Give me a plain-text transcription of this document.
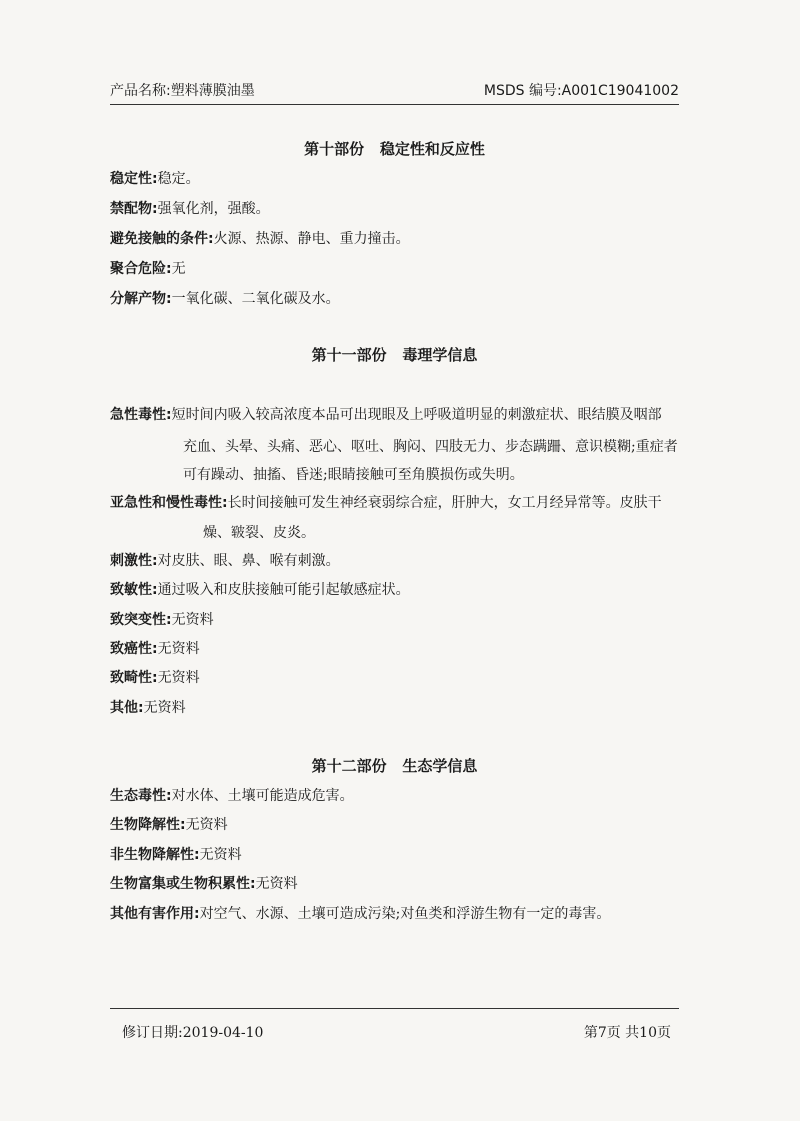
产品名称:塑料薄膜油墨	MSDS 编号:A001C19041002
第十部份   稳定性和反应性
稳定性:稳定。
禁配物:强氧化剂，强酸。
避免接触的条件:火源、热源、静电、重力撞击。
聚合危险:无
分解产物:一氧化碳、二氧化碳及水。
第十一部份   毒理学信息
急性毒性:短时间内吸入较高浓度本品可出现眼及上呼吸道明显的刺激症状、眼结膜及咽部
充血、头晕、头痛、恶心、呕吐、胸闷、四肢无力、步态蹒跚、意识模糊;重症者
可有躁动、抽搐、昏迷;眼睛接触可至角膜损伤或失明。
亚急性和慢性毒性:长时间接触可发生神经衰弱综合症，肝肿大，女工月经异常等。皮肤干
燥、皲裂、皮炎。
刺激性:对皮肤、眼、鼻、喉有刺激。
致敏性:通过吸入和皮肤接触可能引起敏感症状。
致突变性:无资料
致癌性:无资料
致畸性:无资料
其他:无资料
第十二部份   生态学信息
生态毒性:对水体、土壤可能造成危害。
生物降解性:无资料
非生物降解性:无资料
生物富集或生物积累性:无资料
其他有害作用:对空气、水源、土壤可造成污染;对鱼类和浮游生物有一定的毒害。
修订日期:2019-04-10	第7页 共10页
